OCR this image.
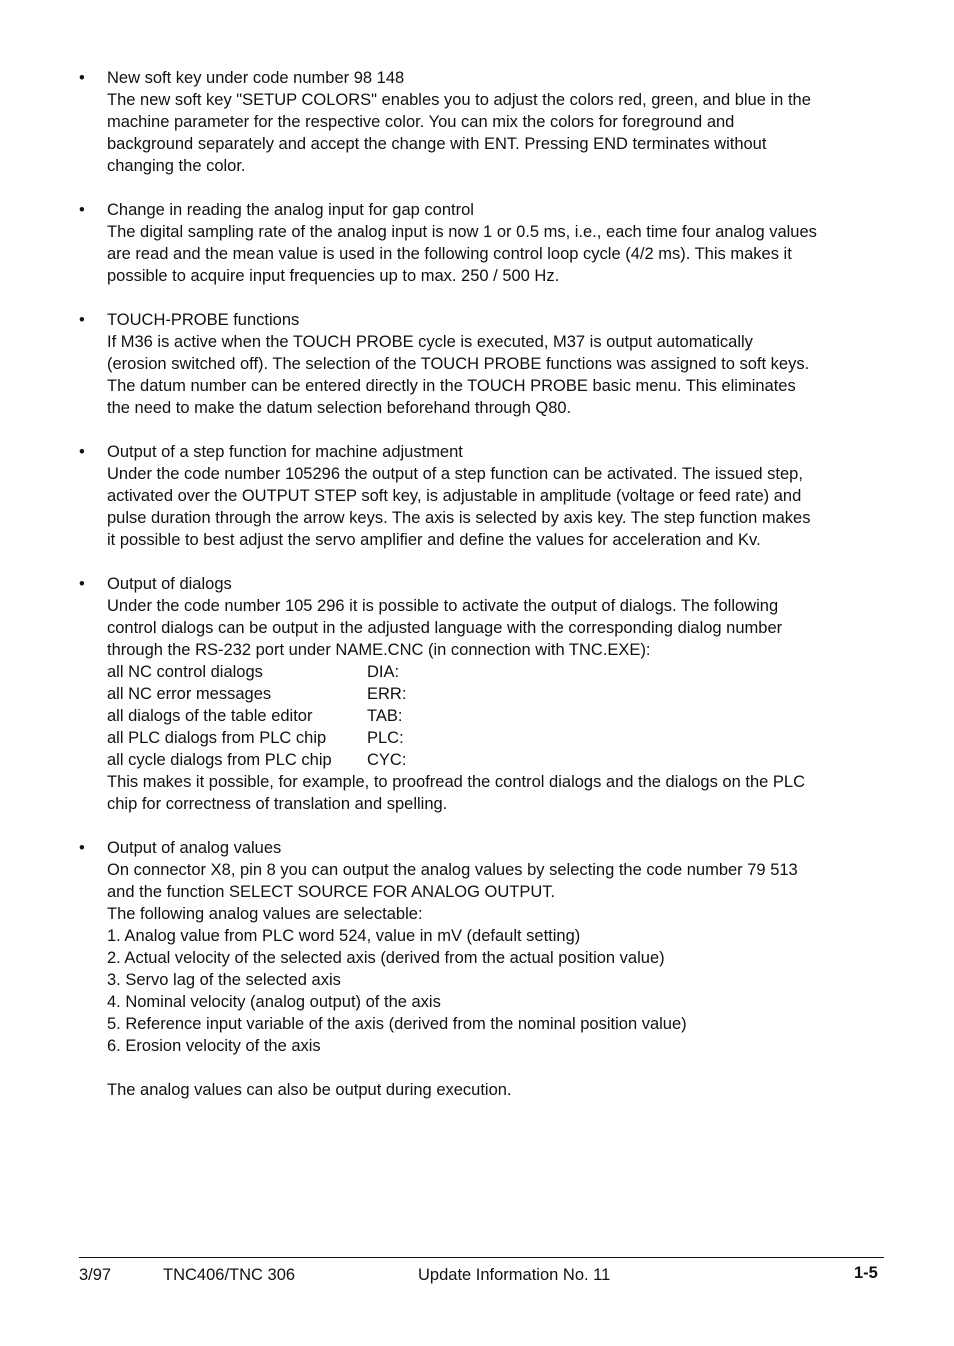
• New soft key under code number 98 148
The new soft key "SETUP COLORS" enables you to adjust the colors red, green, and blue in the
machine parameter for the respective color. You can mix the colors for foreground and
background separately and accept the change with ENT. Pressing END terminates without
changing the color.
• Change in reading the analog input for gap control
The digital sampling rate of the analog input is now 1 or 0.5 ms, i.e., each time four analog values
are read and the mean value is used in the following control loop cycle (4/2 ms). This makes it
possible to acquire input frequencies up to max. 250 / 500 Hz.
• TOUCH-PROBE functions
If M36 is active when the TOUCH PROBE cycle is executed, M37 is output automatically
(erosion switched off). The selection of the TOUCH PROBE functions was assigned to soft keys.
The datum number can be entered directly in the TOUCH PROBE basic menu. This eliminates
the need to make the datum selection beforehand through Q80.
• Output of a step function for machine adjustment
Under the code number 105296 the output of a step function can be activated. The issued step,
activated over the OUTPUT STEP soft key, is adjustable in amplitude (voltage or feed rate) and
pulse duration through the arrow keys. The axis is selected by axis key. The step function makes
it possible to best adjust the servo amplifier and define the values for acceleration and Kv.
• Output of dialogs
Under the code number 105 296 it is possible to activate the output of dialogs. The following
control dialogs can be output in the adjusted language with the corresponding dialog number
through the RS-232 port under NAME.CNC (in connection with TNC.EXE):
all NC control dialogs	DIA:
all NC error messages	ERR:
all dialogs of the table editor	TAB:
all PLC dialogs from PLC chip	PLC:
all cycle dialogs from PLC chip	CYC:
This makes it possible, for example, to proofread the control dialogs and the dialogs on the PLC
chip for correctness of translation and spelling.
• Output of analog values
On connector X8, pin 8 you can output the analog values by selecting the code number 79 513
and the function SELECT SOURCE FOR ANALOG OUTPUT.
The following analog values are selectable:
1. Analog value from PLC word 524, value in mV (default setting)
2. Actual velocity of the selected axis (derived from the actual position value)
3. Servo lag of the selected axis
4. Nominal velocity (analog output) of the axis
5. Reference input variable of the axis (derived from the nominal position value)
6. Erosion velocity of the axis
The analog values can also be output during execution.
3/97	TNC406/TNC 306	Update Information No. 11	1-5
